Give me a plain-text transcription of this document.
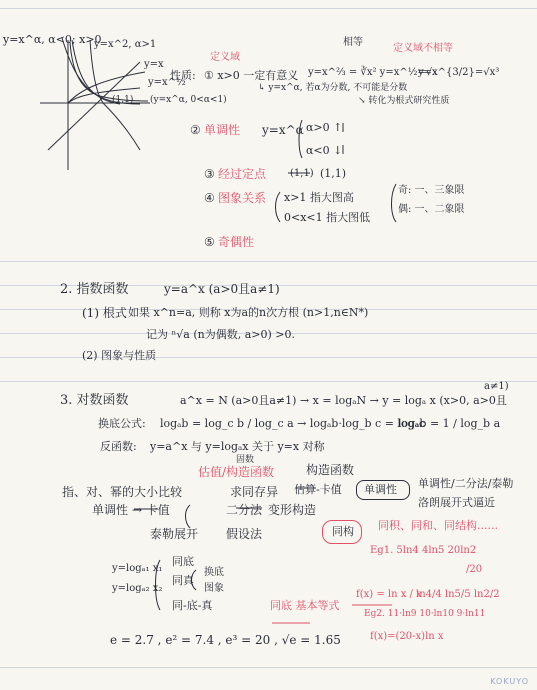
y=x^α, α<0; x>0
y=x^2, α>1
y=x
y=x^½
(y=x^α, 0<α<1)
(1,1)
性质: ① x>0 一定有意义
定义域
相等
y=x^⅔ = ∛x² y=x^½=√x
定义域不相等
y=x^{3/2}=√x³
↳ y=x^α, 若α为分数, 不可能是分数
↘ 转化为根式研究性质
② 单调性 y=x^α α>0 ↑
α<0 ↓
③ 经过定点 (1,1) (1,1)
④ 图象关系 x>1 指大图高
0<x<1 指大图低
奇: 一、三象限
偶: 一、二象限
⑤ 奇偶性
2. 指数函数	y=a^x (a>0且a≠1)
(1) 根式 如果 x^n=a, 则称 x为a的n次方根 (n>1,n∈N*)
记为 ⁿ√a (n为偶数, a>0) >0.
(2) 图象与性质
3. 对数函数	a^x = N (a>0且a≠1) → x = logₐN → y = logₐ x (x>0, a>0且
a≠1)
换底公式: logₐb = log_c b / log_c a → logₐb·log_b c = logₐc
logₐb = 1 / log_b a
反函数: y=a^x 与 y=logₐx 关于 y=x 对称
指、对、幂的大小比较
估值/构造函数
固数
求同存异
构造函数
估算-卡值 单调性 单调性/二分法/泰勒
洛朗展开式逼近
单调性 → 卡值	二分法 变形构造
泰勒展开 假设法	同构 同积、同和、同结构......
Eg1. 5ln4 4ln5 20ln2
/20
y=logₐ₁ x₁
y=logₐ₂ x₂
同底
同真
换底
图象
同-底-真	同底 基本等式
f(x) = ln x / x
ln4/4 ln5/5 ln2/2
Eg2. 11·ln9 10·ln10 9·ln11
f(x)=(20-x)ln x
e = 2.7 , e² = 7.4 , e³ = 20 , √e = 1.65
KOKUYO
